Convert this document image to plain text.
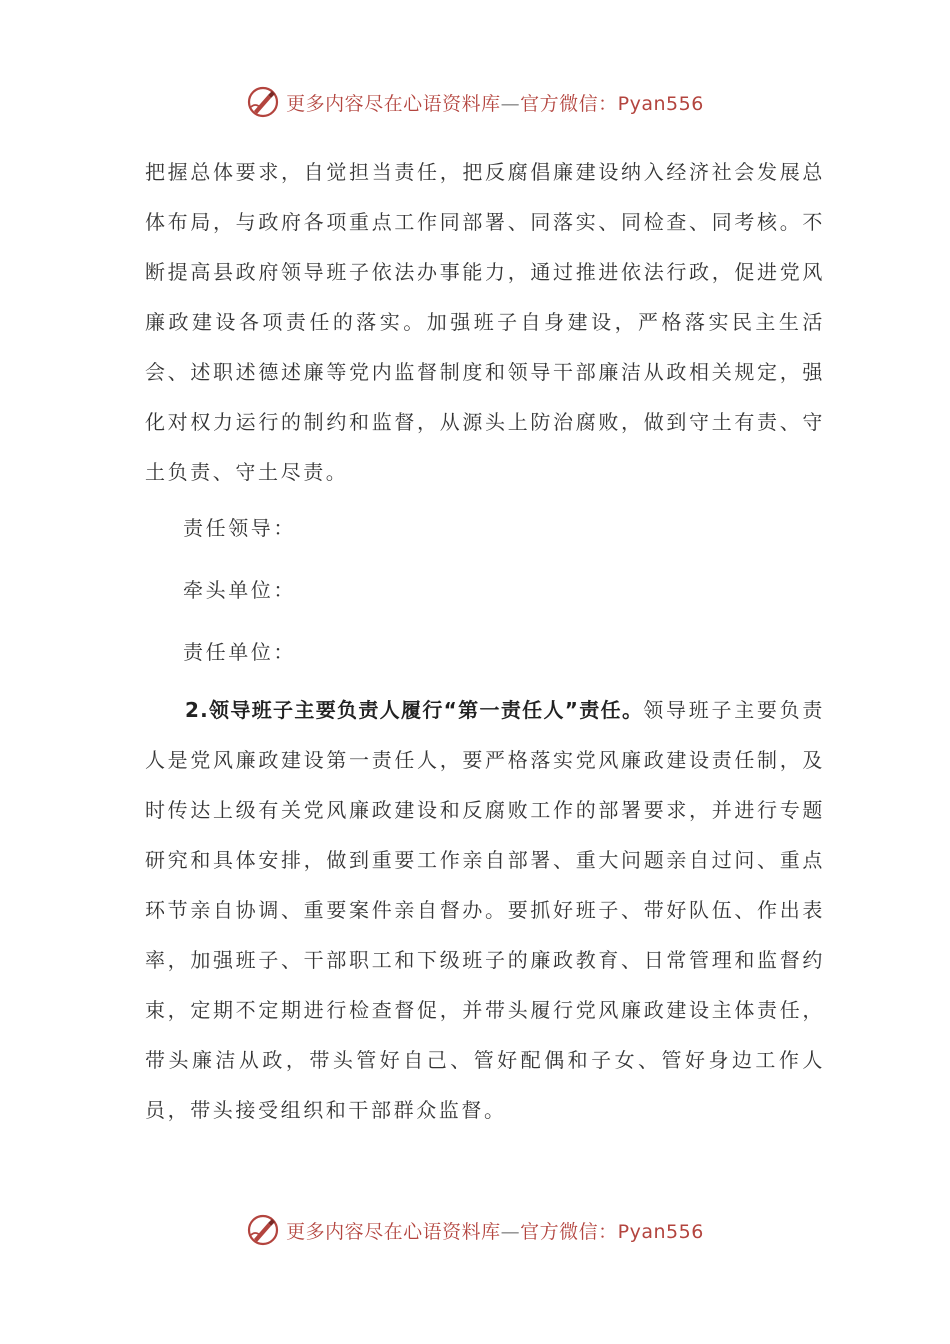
更多内容尽在心语资料库—官方微信：Pyan556

把握总体要求，自觉担当责任，把反腐倡廉建设纳入经济社会发展总体布局，与政府各项重点工作同部署、同落实、同检查、同考核。不断提高县政府领导班子依法办事能力，通过推进依法行政，促进党风廉政建设各项责任的落实。加强班子自身建设，严格落实民主生活会、述职述德述廉等党内监督制度和领导干部廉洁从政相关规定，强化对权力运行的制约和监督，从源头上防治腐败，做到守土有责、守土负责、守土尽责。

责任领导：

牵头单位：

责任单位：

2.领导班子主要负责人履行“第一责任人”责任。领导班子主要负责人是党风廉政建设第一责任人，要严格落实党风廉政建设责任制，及时传达上级有关党风廉政建设和反腐败工作的部署要求，并进行专题研究和具体安排，做到重要工作亲自部署、重大问题亲自过问、重点环节亲自协调、重要案件亲自督办。要抓好班子、带好队伍、作出表率，加强班子、干部职工和下级班子的廉政教育、日常管理和监督约束，定期不定期进行检查督促，并带头履行党风廉政建设主体责任，带头廉洁从政，带头管好自己、管好配偶和子女、管好身边工作人员，带头接受组织和干部群众监督。

更多内容尽在心语资料库—官方微信：Pyan556
